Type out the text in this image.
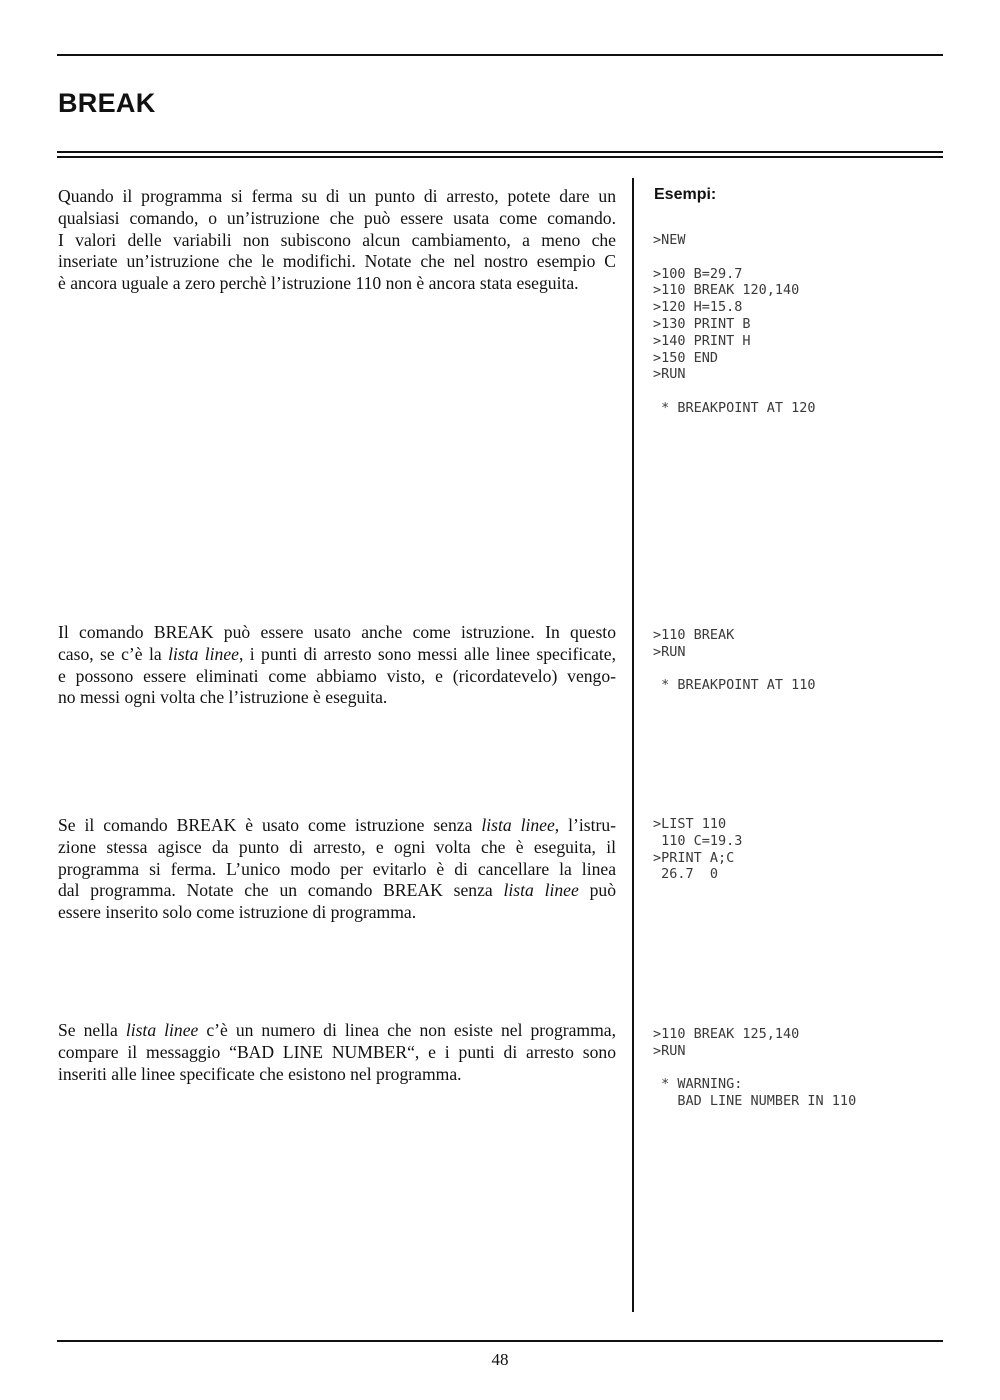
BREAK

Quando il programma si ferma su di un punto di arresto, potete dare un
qualsiasi comando, o un’istruzione che può essere usata come comando.
I valori delle variabili non subiscono alcun cambiamento, a meno che
inseriate un’istruzione che le modifichi. Notate che nel nostro esempio C
è ancora uguale a zero perchè l’istruzione 110 non è ancora stata eseguita.

Il comando BREAK può essere usato anche come istruzione. In questo
caso, se c’è la lista linee, i punti di arresto sono messi alle linee specificate,
e possono essere eliminati come abbiamo visto, e (ricordatevelo) vengo-
no messi ogni volta che l’istruzione è eseguita.

Se il comando BREAK è usato come istruzione senza lista linee, l’istru-
zione stessa agisce da punto di arresto, e ogni volta che è eseguita, il
programma si ferma. L’unico modo per evitarlo è di cancellare la linea
dal programma. Notate che un comando BREAK senza lista linee può
essere inserito solo come istruzione di programma.

Se nella lista linee c’è un numero di linea che non esiste nel programma,
compare il messaggio “BAD LINE NUMBER“, e i punti di arresto sono
inseriti alle linee specificate che esistono nel programma.

Esempi:
>NEW

>100 B=29.7
>110 BREAK 120,140
>120 H=15.8
>130 PRINT B
>140 PRINT H
>150 END
>RUN

* BREAKPOINT AT 120
>110 BREAK
>RUN

* BREAKPOINT AT 110
>LIST 110
110 C=19.3
>PRINT A;C
26.7  0
>110 BREAK 125,140
>RUN

* WARNING:
BAD LINE NUMBER IN 110

48
